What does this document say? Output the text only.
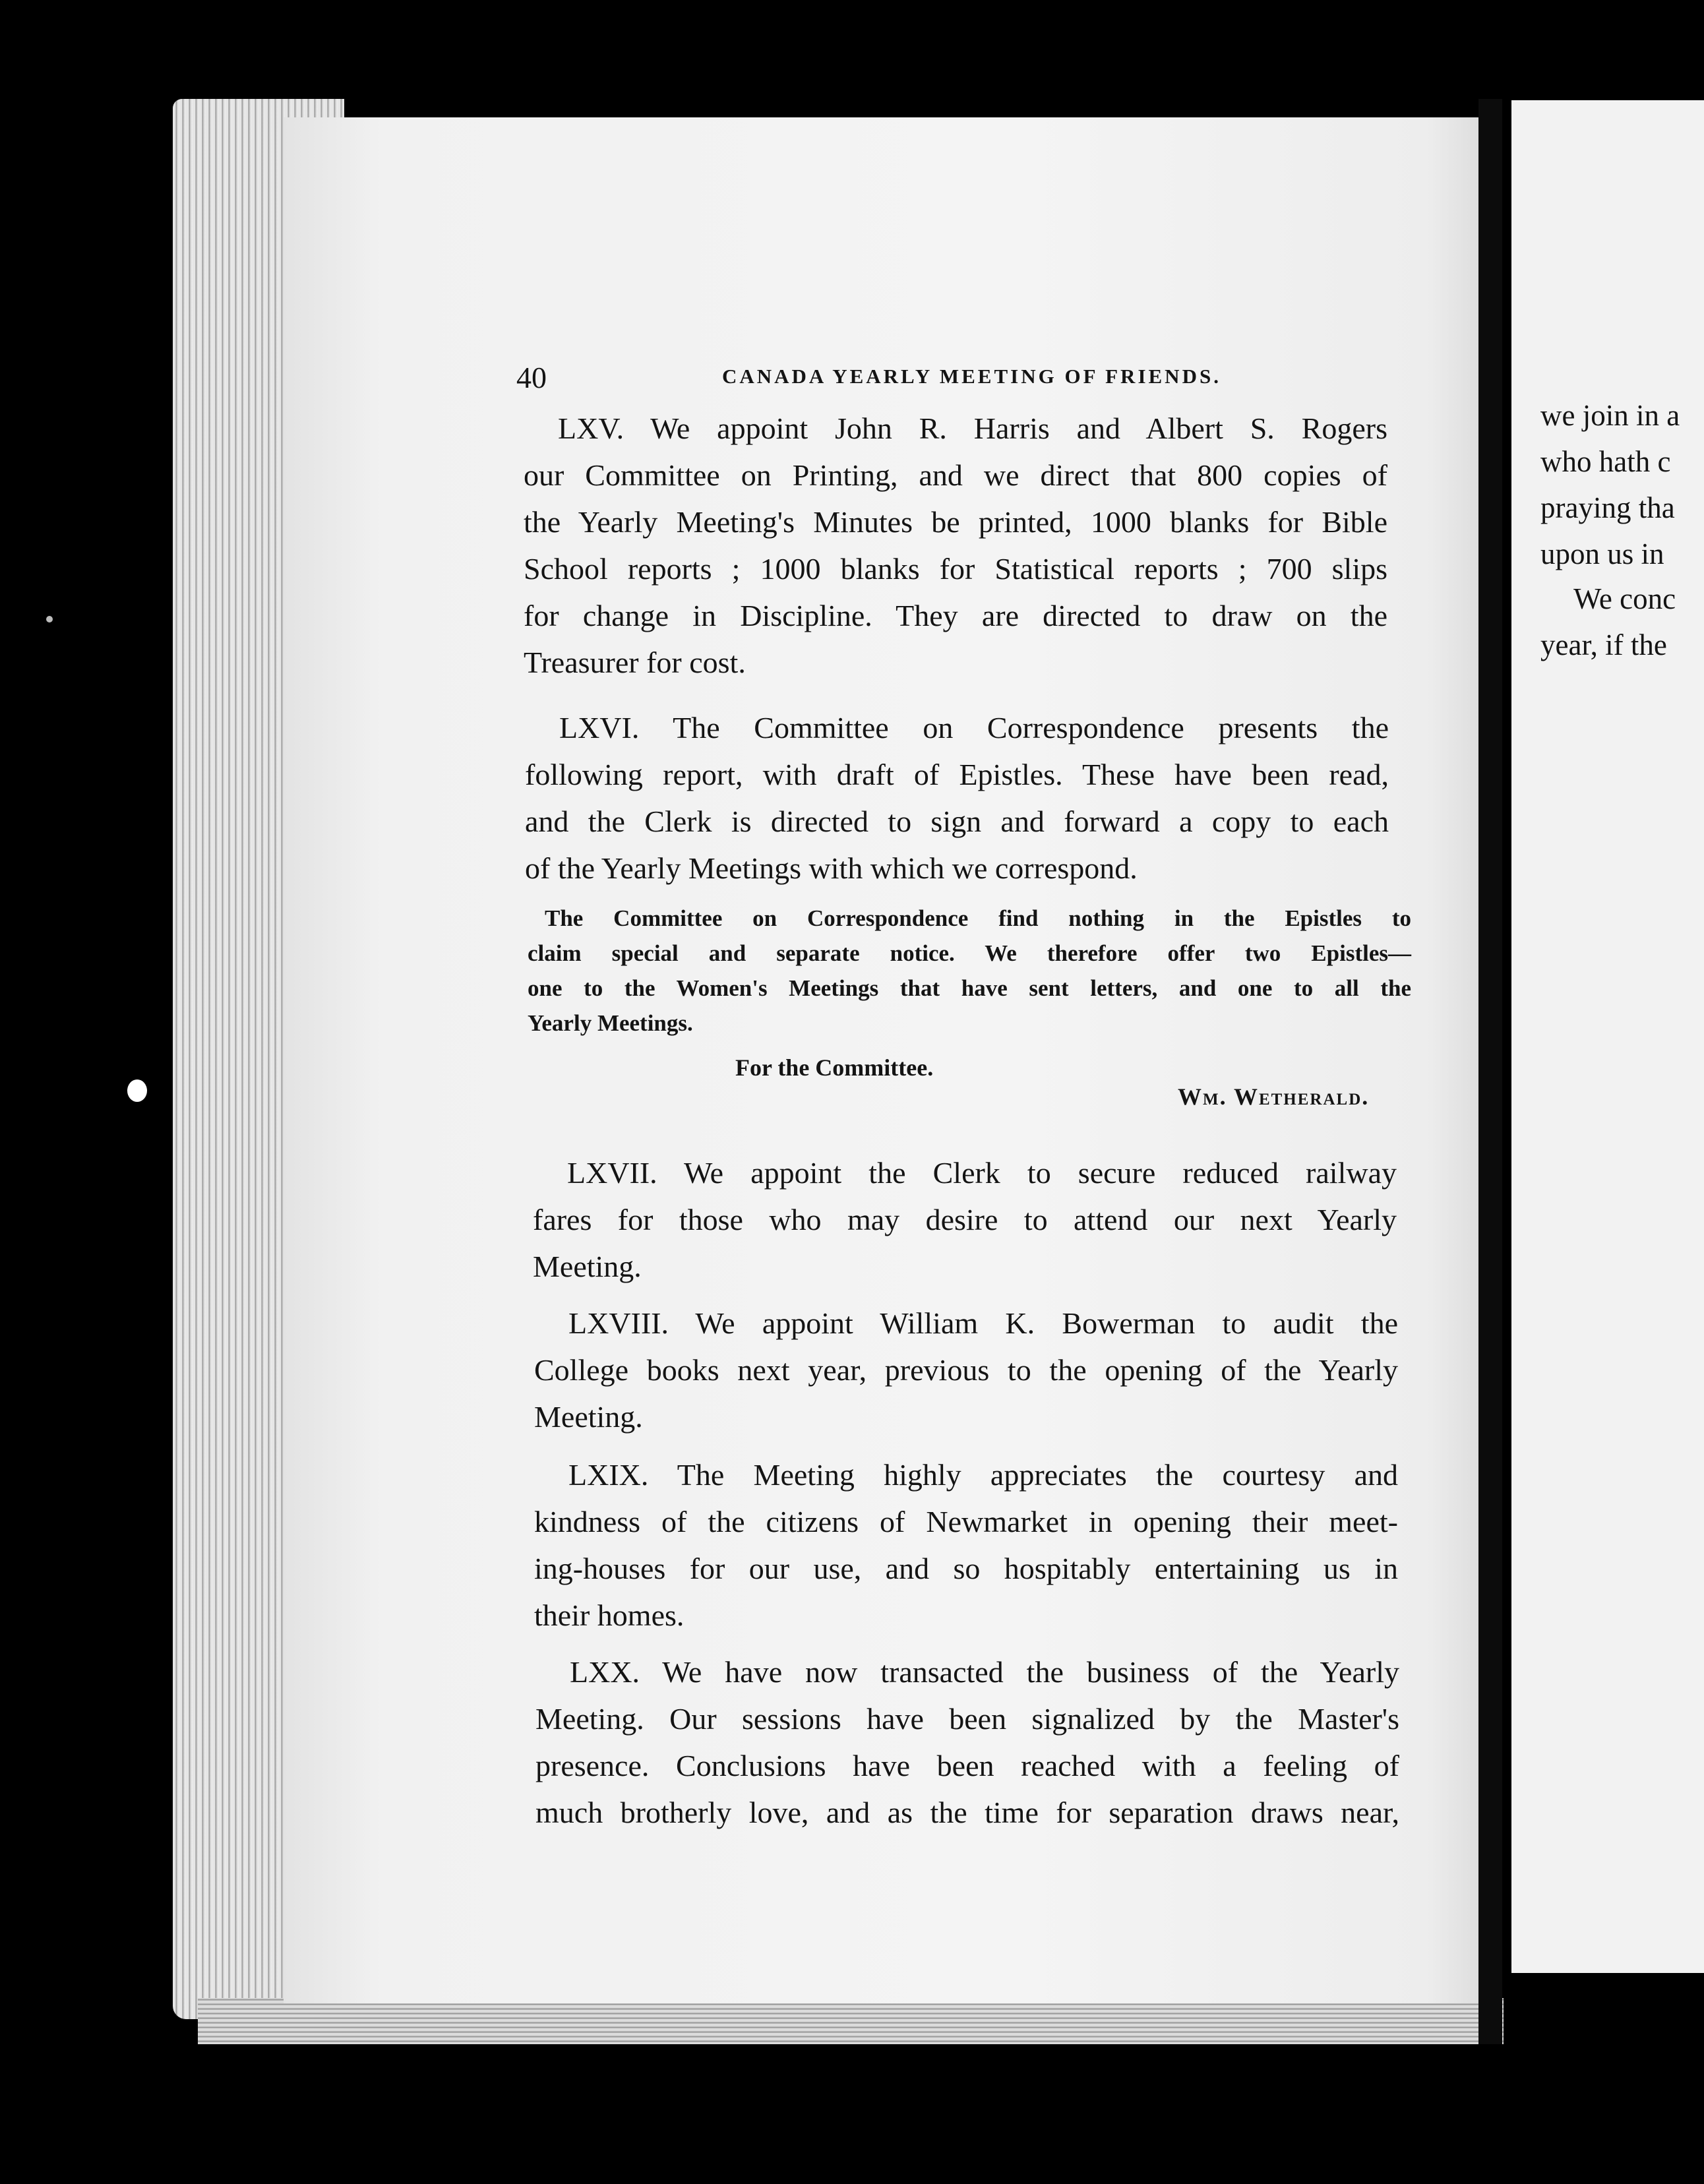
we join in a
who hath c
praying tha
upon us in
We conc
year, if the
40	CANADA YEARLY MEETING OF FRIENDS.
LXV. We appoint John R. Harris and Albert S. Rogers
our Committee on Printing, and we direct that 800 copies of
the Yearly Meeting's Minutes be printed, 1000 blanks for Bible
School reports ; 1000 blanks for Statistical reports ; 700 slips
for change in Discipline. They are directed to draw on the
Treasurer for cost.
LXVI. The Committee on Correspondence presents the
following report, with draft of Epistles. These have been read,
and the Clerk is directed to sign and forward a copy to each
of the Yearly Meetings with which we correspond.
The Committee on Correspondence find nothing in the Epistles to
claim special and separate notice. We therefore offer two Epistles—
one to the Women's Meetings that have sent letters, and one to all the
Yearly Meetings.
For the Committee.
Wm. Wetherald.
LXVII. We appoint the Clerk to secure reduced railway
fares for those who may desire to attend our next Yearly
Meeting.
LXVIII. We appoint William K. Bowerman to audit the
College books next year, previous to the opening of the Yearly
Meeting.
LXIX. The Meeting highly appreciates the courtesy and
kindness of the citizens of Newmarket in opening their meet-
ing-houses for our use, and so hospitably entertaining us in
their homes.
LXX. We have now transacted the business of the Yearly
Meeting. Our sessions have been signalized by the Master's
presence. Conclusions have been reached with a feeling of
much brotherly love, and as the time for separation draws near,
